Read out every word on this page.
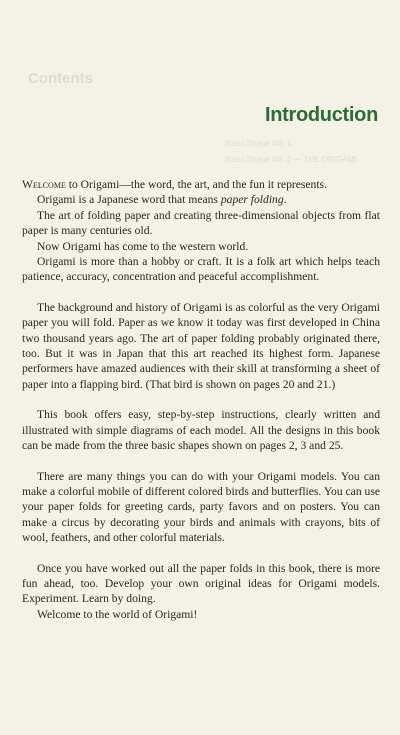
Contents
Basic Shape No. 1
Basic Shape No. 2 — THE ORIGAMI
Introduction

Welcome to Origami—the word, the art, and the fun it represents.

Origami is a Japanese word that means paper folding.

The art of folding paper and creating three-dimensional objects from flat paper is many centuries old.

Now Origami has come to the western world.

Origami is more than a hobby or craft. It is a folk art which helps teach patience, accuracy, concentration and peaceful accomplishment.

The background and history of Origami is as colorful as the very Origami paper you will fold. Paper as we know it today was first developed in China two thousand years ago. The art of paper folding probably originated there, too. But it was in Japan that this art reached its highest form. Japanese performers have amazed audiences with their skill at transforming a sheet of paper into a flapping bird. (That bird is shown on pages 20 and 21.)

This book offers easy, step-by-step instructions, clearly written and illustrated with simple diagrams of each model. All the designs in this book can be made from the three basic shapes shown on pages 2, 3 and 25.

There are many things you can do with your Origami models. You can make a colorful mobile of different colored birds and butterflies. You can use your paper folds for greeting cards, party favors and on posters. You can make a circus by decorating your birds and animals with crayons, bits of wool, feathers, and other colorful materials.

Once you have worked out all the paper folds in this book, there is more fun ahead, too. Develop your own original ideas for Origami models. Experiment. Learn by doing.

Welcome to the world of Origami!
